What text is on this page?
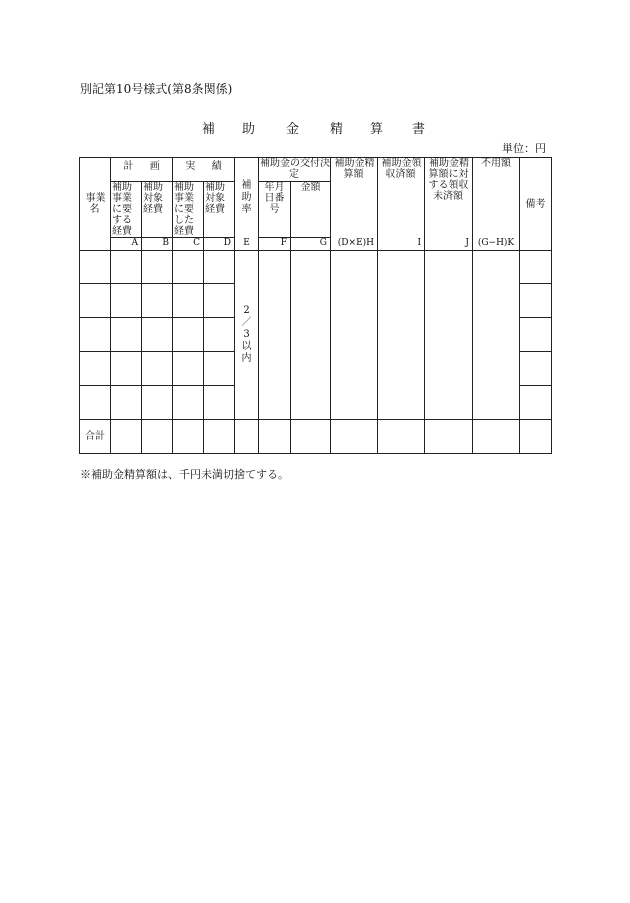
別記第10号様式(第8条関係)
補 助 金 精 算 書
単位：円
事業名	計 画		実 績		補助率	補助金の交付決定		補助金精算額	補助金領収済額	補助金精算額に対する領収未済額	不用額	備考

	補助事業に要する経費	補助対象経費	補助事業に要した経費	補助対象経費		年月日番号	金額					

	A	B	C	D	E	F	G	(D×E)H	I	J	(G−H)K	
					2／3以内							

合計												
※補助金精算額は、千円未満切捨てする。
